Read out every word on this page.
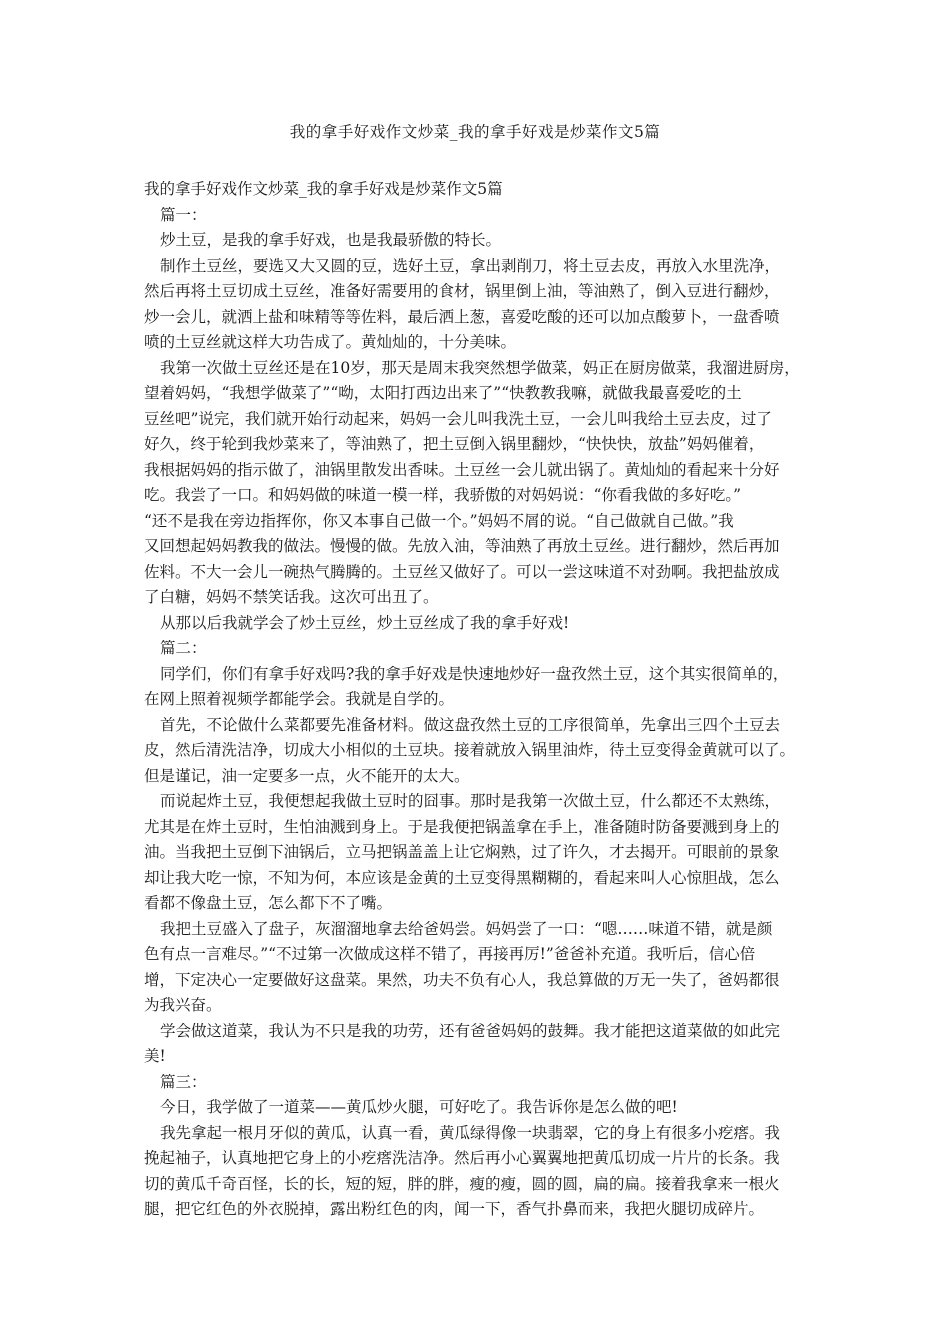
我的拿手好戏作文炒菜_我的拿手好戏是炒菜作文5篇
我的拿手好戏作文炒菜_我的拿手好戏是炒菜作文5篇
篇一：
炒土豆，是我的拿手好戏，也是我最骄傲的特长。
制作土豆丝，要选又大又圆的豆，选好土豆，拿出剥削刀，将土豆去皮，再放入水里洗净，
然后再将土豆切成土豆丝，准备好需要用的食材，锅里倒上油，等油熟了，倒入豆进行翻炒，
炒一会儿，就洒上盐和味精等等佐料，最后洒上葱，喜爱吃酸的还可以加点酸萝卜，一盘香喷
喷的土豆丝就这样大功告成了。黄灿灿的，十分美味。
我第一次做土豆丝还是在10岁，那天是周末我突然想学做菜，妈正在厨房做菜，我溜进厨房，
望着妈妈，“我想学做菜了”“呦，太阳打西边出来了”“快教教我嘛，就做我最喜爱吃的土
豆丝吧”说完，我们就开始行动起来，妈妈一会儿叫我洗土豆，一会儿叫我给土豆去皮，过了
好久，终于轮到我炒菜来了，等油熟了，把土豆倒入锅里翻炒，“快快快，放盐”妈妈催着，
我根据妈妈的指示做了，油锅里散发出香味。土豆丝一会儿就出锅了。黄灿灿的看起来十分好
吃。我尝了一口。和妈妈做的味道一模一样，我骄傲的对妈妈说：“你看我做的多好吃。”
“还不是我在旁边指挥你，你又本事自己做一个。”妈妈不屑的说。“自己做就自己做。”我
又回想起妈妈教我的做法。慢慢的做。先放入油，等油熟了再放土豆丝。进行翻炒，然后再加
佐料。不大一会儿一碗热气腾腾的。土豆丝又做好了。可以一尝这味道不对劲啊。我把盐放成
了白糖，妈妈不禁笑话我。这次可出丑了。
从那以后我就学会了炒土豆丝，炒土豆丝成了我的拿手好戏!
篇二：
同学们，你们有拿手好戏吗?我的拿手好戏是快速地炒好一盘孜然土豆，这个其实很简单的，
在网上照着视频学都能学会。我就是自学的。
首先，不论做什么菜都要先准备材料。做这盘孜然土豆的工序很简单，先拿出三四个土豆去
皮，然后清洗洁净，切成大小相似的土豆块。接着就放入锅里油炸，待土豆变得金黄就可以了。
但是谨记，油一定要多一点，火不能开的太大。
而说起炸土豆，我便想起我做土豆时的囧事。那时是我第一次做土豆，什么都还不太熟练，
尤其是在炸土豆时，生怕油溅到身上。于是我便把锅盖拿在手上，准备随时防备要溅到身上的
油。当我把土豆倒下油锅后，立马把锅盖盖上让它焖熟，过了许久，才去揭开。可眼前的景象
却让我大吃一惊，不知为何，本应该是金黄的土豆变得黑糊糊的，看起来叫人心惊胆战，怎么
看都不像盘土豆，怎么都下不了嘴。
我把土豆盛入了盘子，灰溜溜地拿去给爸妈尝。妈妈尝了一口：“嗯……味道不错，就是颜
色有点一言难尽。”“不过第一次做成这样不错了，再接再厉!”爸爸补充道。我听后，信心倍
增，下定决心一定要做好这盘菜。果然，功夫不负有心人，我总算做的万无一失了，爸妈都很
为我兴奋。
学会做这道菜，我认为不只是我的功劳，还有爸爸妈妈的鼓舞。我才能把这道菜做的如此完
美!
篇三：
今日，我学做了一道菜——黄瓜炒火腿，可好吃了。我告诉你是怎么做的吧!
我先拿起一根月牙似的黄瓜，认真一看，黄瓜绿得像一块翡翠，它的身上有很多小疙瘩。我
挽起袖子，认真地把它身上的小疙瘩洗洁净。然后再小心翼翼地把黄瓜切成一片片的长条。我
切的黄瓜千奇百怪，长的长，短的短，胖的胖，瘦的瘦，圆的圆，扁的扁。接着我拿来一根火
腿，把它红色的外衣脱掉，露出粉红色的肉，闻一下，香气扑鼻而来，我把火腿切成碎片。
